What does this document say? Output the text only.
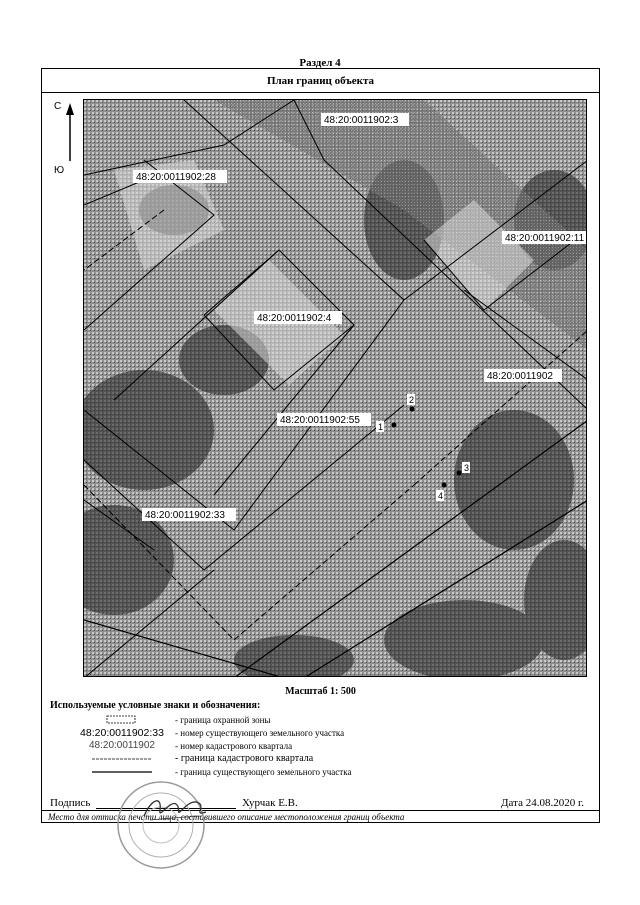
Раздел 4
План границ объекта
С
Ю
2
1
3
4
48:20:0011902:3
48:20:0011902:28
48:20:0011902:11
48:20:0011902:4
48:20:0011902
48:20:0011902:55
48:20:0011902:33
Масштаб 1: 500
Используемые условные знаки и обозначения:
- граница охранной зоны
48:20:0011902:33	- номер существующего земельного участка
48:20:0011902	- номер кадастрового квартала
- граница кадастрового квартала
- граница существующего земельного участка
Подпись	Хурчак Е.В.	Дата 24.08.2020 г.
Место для оттиска печати лица, составившего описание местоположения границ объекта
